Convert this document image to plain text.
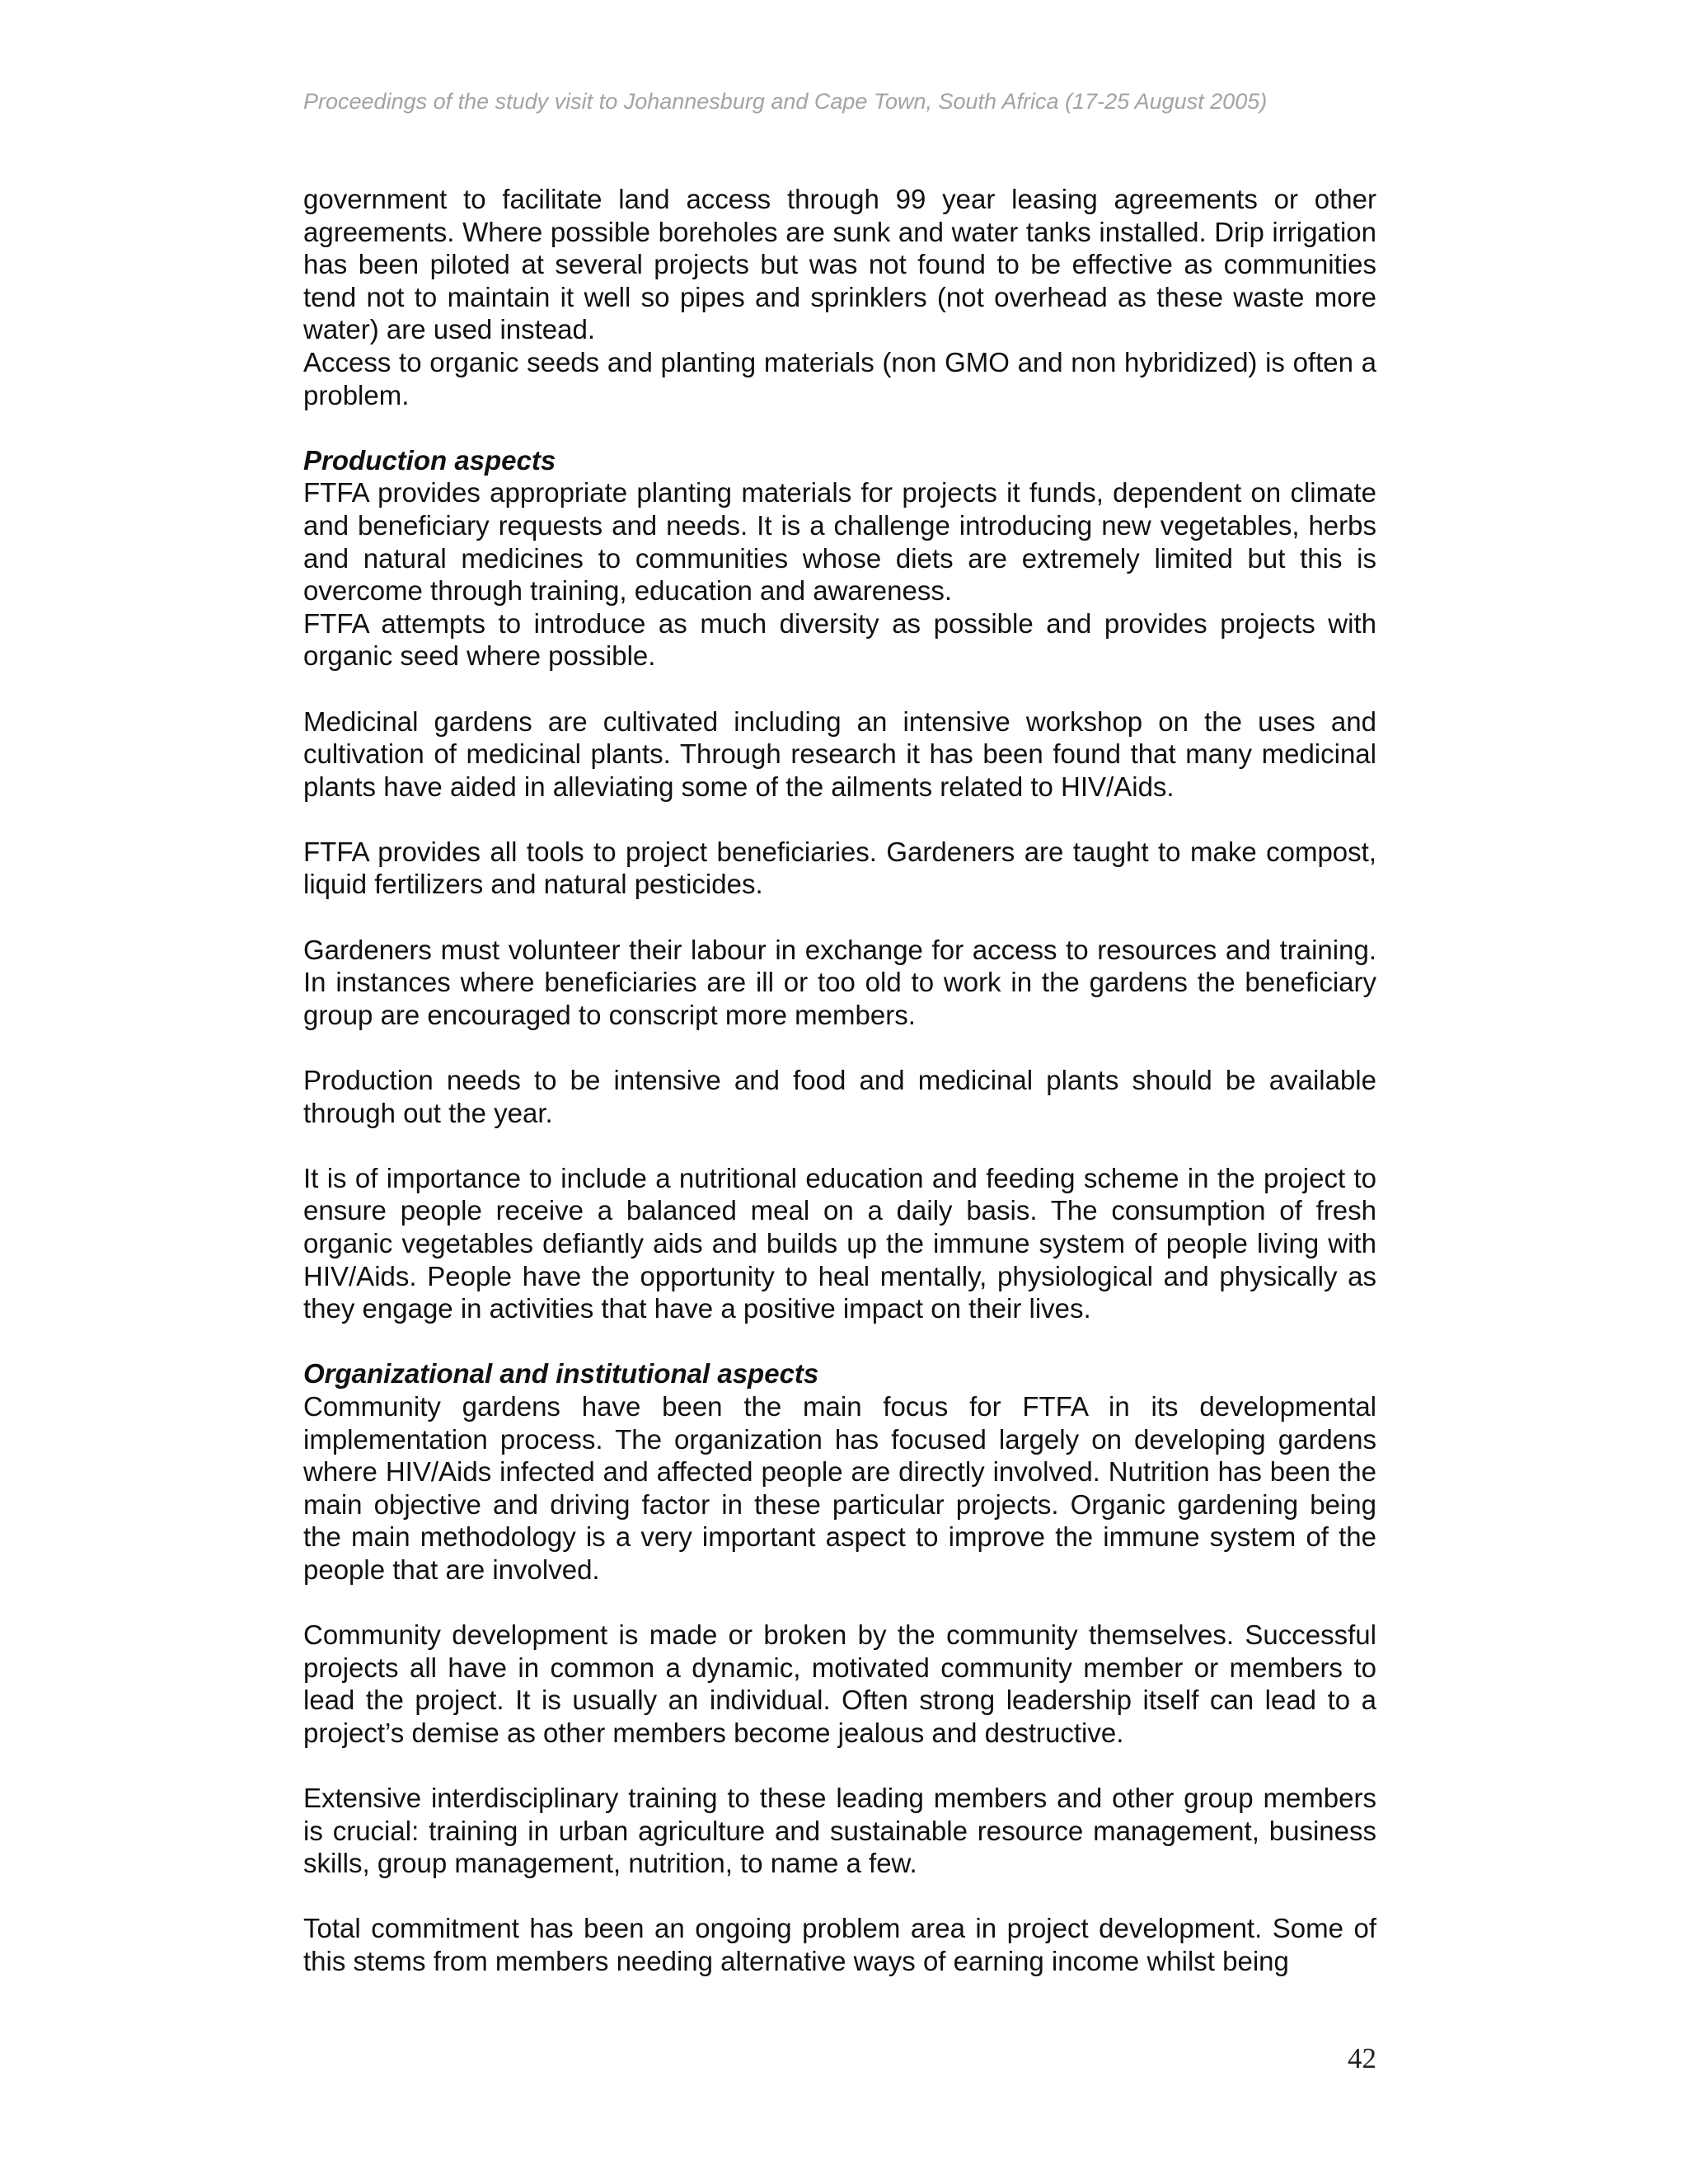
Proceedings of the study visit to Johannesburg and Cape Town, South Africa (17-25 August 2005)

government to facilitate land access through 99 year leasing agreements or other agreements. Where possible boreholes are sunk and water tanks installed. Drip irrigation has been piloted at several projects but was not found to be effective as communities tend not to maintain it well so pipes and sprinklers (not overhead as these waste more water) are used instead.

Access to organic seeds and planting materials (non GMO and non hybridized) is often a problem.

Production aspects

FTFA provides appropriate planting materials for projects it funds, dependent on climate and beneficiary requests and needs. It is a challenge introducing new vegetables, herbs and natural medicines to communities whose diets are extremely limited but this is overcome through training, education and awareness.

FTFA attempts to introduce as much diversity as possible and provides projects with organic seed where possible.

Medicinal gardens are cultivated including an intensive workshop on the uses and cultivation of medicinal plants. Through research it has been found that many medicinal plants have aided in alleviating some of the ailments related to HIV/Aids.

FTFA provides all tools to project beneficiaries. Gardeners are taught to make compost, liquid fertilizers and natural pesticides.

Gardeners must volunteer their labour in exchange for access to resources and training. In instances where beneficiaries are ill or too old to work in the gardens the beneficiary group are encouraged to conscript more members.

Production needs to be intensive and food and medicinal plants should be available through out the year.

It is of importance to include a nutritional education and feeding scheme in the project to ensure people receive a balanced meal on a daily basis. The consumption of fresh organic vegetables defiantly aids and builds up the immune system of people living with HIV/Aids. People have the opportunity to heal mentally, physiological and physically as they engage in activities that have a positive impact on their lives.

Organizational and institutional aspects

Community gardens have been the main focus for FTFA in its developmental implementation process. The organization has focused largely on developing gardens where HIV/Aids infected and affected people are directly involved. Nutrition has been the main objective and driving factor in these particular projects. Organic gardening being the main methodology is a very important aspect to improve the immune system of the people that are involved.

Community development is made or broken by the community themselves. Successful projects all have in common a dynamic, motivated community member or members to lead the project. It is usually an individual. Often strong leadership itself can lead to a project’s demise as other members become jealous and destructive.

Extensive interdisciplinary training to these leading members and other group members is crucial: training in urban agriculture and sustainable resource management, business skills, group management, nutrition, to name a few.

Total commitment has been an ongoing problem area in project development. Some of this stems from members needing alternative ways of earning income whilst being

42
